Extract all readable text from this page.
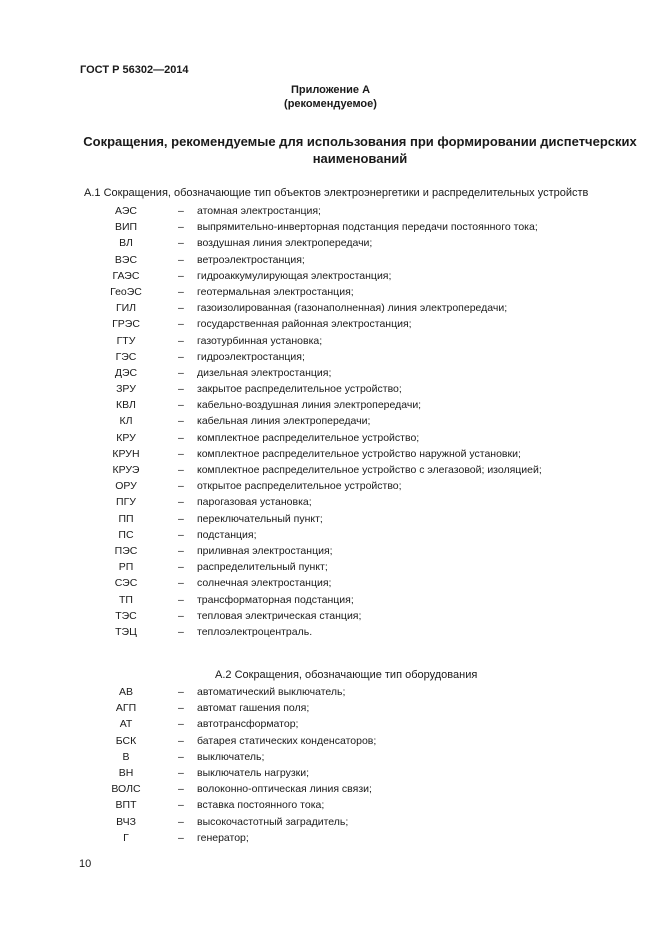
ГОСТ Р 56302—2014
Приложение А
(рекомендуемое)
Сокращения, рекомендуемые для использования при формировании диспетчерских наименований
А.1 Сокращения, обозначающие тип объектов электроэнергетики и распределительных устройств
АЭС	– атомная электростанция;
ВИП	– выпрямительно-инверторная подстанция передачи постоянного тока;
ВЛ	– воздушная линия электропередачи;
ВЭС	– ветроэлектростанция;
ГАЭС	– гидроаккумулирующая электростанция;
ГеоЭС	– геотермальная электростанция;
ГИЛ	– газоизолированная (газонаполненная) линия электропередачи;
ГРЭС	– государственная районная электростанция;
ГТУ	– газотурбинная установка;
ГЭС	– гидроэлектростанция;
ДЭС	– дизельная электростанция;
ЗРУ	– закрытое распределительное устройство;
КВЛ	– кабельно-воздушная линия электропередачи;
КЛ	– кабельная линия электропередачи;
КРУ	– комплектное распределительное устройство;
КРУН	– комплектное распределительное устройство наружной установки;
КРУЭ	– комплектное распределительное устройство с элегазовой; изоляцией;
ОРУ	– открытое распределительное устройство;
ПГУ	– парогазовая установка;
ПП	– переключательный пункт;
ПС	– подстанция;
ПЭС	– приливная электростанция;
РП	– распределительный пункт;
СЭС	– солнечная электростанция;
ТП	– трансформаторная подстанция;
ТЭС	– тепловая электрическая станция;
ТЭЦ	– теплоэлектроцентраль.
А.2 Сокращения, обозначающие тип оборудования
АВ	– автоматический выключатель;
АГП	– автомат гашения поля;
АТ	– автотрансформатор;
БСК	– батарея статических конденсаторов;
В	– выключатель;
ВН	– выключатель нагрузки;
ВОЛС	– волоконно-оптическая линия связи;
ВПТ	– вставка постоянного тока;
ВЧЗ	– высокочастотный заградитель;
Г	– генератор;
10
